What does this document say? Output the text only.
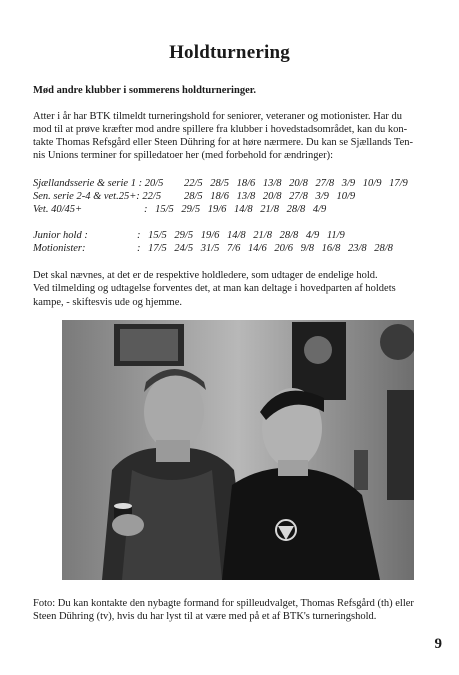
Holdturnering
Mød andre klubber i sommerens holdturneringer.
Atter i år har BTK tilmeldt turneringshold for seniorer, veteraner og motionister. Har du
mod til at prøve kræfter mod andre spillere fra klubber i hovedstadsområdet, kan du kon-
takte Thomas Refsgård eller Steen Dühring for at høre nærmere. Du kan se Sjællands Ten-
nis Unions terminer for spilledatoer her (med forbehold for ændringer):
Sjællandsserie & serie 1 : 20/5 22/5 28/5 18/6 13/8 20/8 27/8 3/9 10/9 17/9
Sen. serie 2-4 & vet.25+: 22/5 28/5 18/6 13/8 20/8 27/8 3/9 10/9
Vet. 40/45+	: 15/5 29/5 19/6 14/8 21/8 28/8 4/9
Junior hold :	: 15/5 29/5 19/6 14/8 21/8 28/8 4/9 11/9
Motionister:	: 17/5 24/5 31/5 7/6 14/6 20/6 9/8 16/8 23/8 28/8
Det skal nævnes, at det er de respektive holdledere, som udtager de endelige hold.
Ved tilmelding og udtagelse forventes det, at man kan deltage i hovedparten af holdets
kampe, - skiftesvis ude og hjemme.
Foto: Du kan kontakte den nybagte formand for spilleudvalget, Thomas Refsgård (th) eller
Steen Dühring (tv), hvis du har lyst til at være med på et af BTK's turneringshold.
9
